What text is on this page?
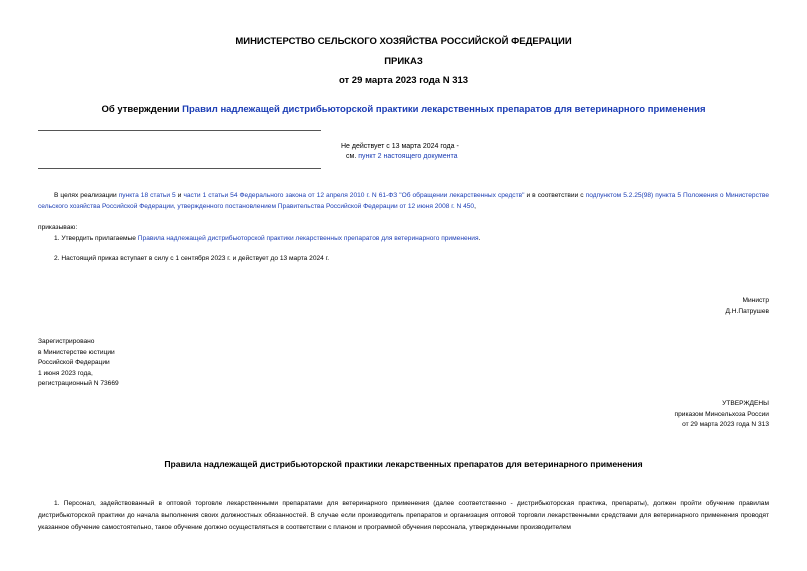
МИНИСТЕРСТВО СЕЛЬСКОГО ХОЗЯЙСТВА РОССИЙСКОЙ ФЕДЕРАЦИИ
ПРИКАЗ
от 29 марта 2023 года N 313
Об утверждении Правил надлежащей дистрибьюторской практики лекарственных препаратов для ветеринарного применения
Не действует с 13 марта 2024 года -
см. пункт 2 настоящего документа
В целях реализации пункта 18 статьи 5 и части 1 статьи 54 Федерального закона от 12 апреля 2010 г. N 61-ФЗ "Об обращении лекарственных средств" и в соответствии с подпунктом 5.2.25(98) пункта 5 Положения о Министерстве сельского хозяйства Российской Федерации, утвержденного постановлением Правительства Российской Федерации от 12 июня 2008 г. N 450,
приказываю:
1. Утвердить прилагаемые Правила надлежащей дистрибьюторской практики лекарственных препаратов для ветеринарного применения.
2. Настоящий приказ вступает в силу с 1 сентября 2023 г. и действует до 13 марта 2024 г.
Министр
Д.Н.Патрушев
Зарегистрировано
в Министерстве юстиции
Российской Федерации
1 июня 2023 года,
регистрационный N 73669
УТВЕРЖДЕНЫ
приказом Минсельхоза России
от 29 марта 2023 года N 313
Правила надлежащей дистрибьюторской практики лекарственных препаратов для ветеринарного применения
1. Персонал, задействованный в оптовой торговле лекарственными препаратами для ветеринарного применения (далее соответственно - дистрибьюторская практика, препараты), должен пройти обучение правилам дистрибьюторской практики до начала выполнения своих должностных обязанностей. В случае если производитель препаратов и организация оптовой торговли лекарственными средствами для ветеринарного применения проводят указанное обучение самостоятельно, такое обучение должно осуществляться в соответствии с планом и программой обучения персонала, утвержденными производителем
